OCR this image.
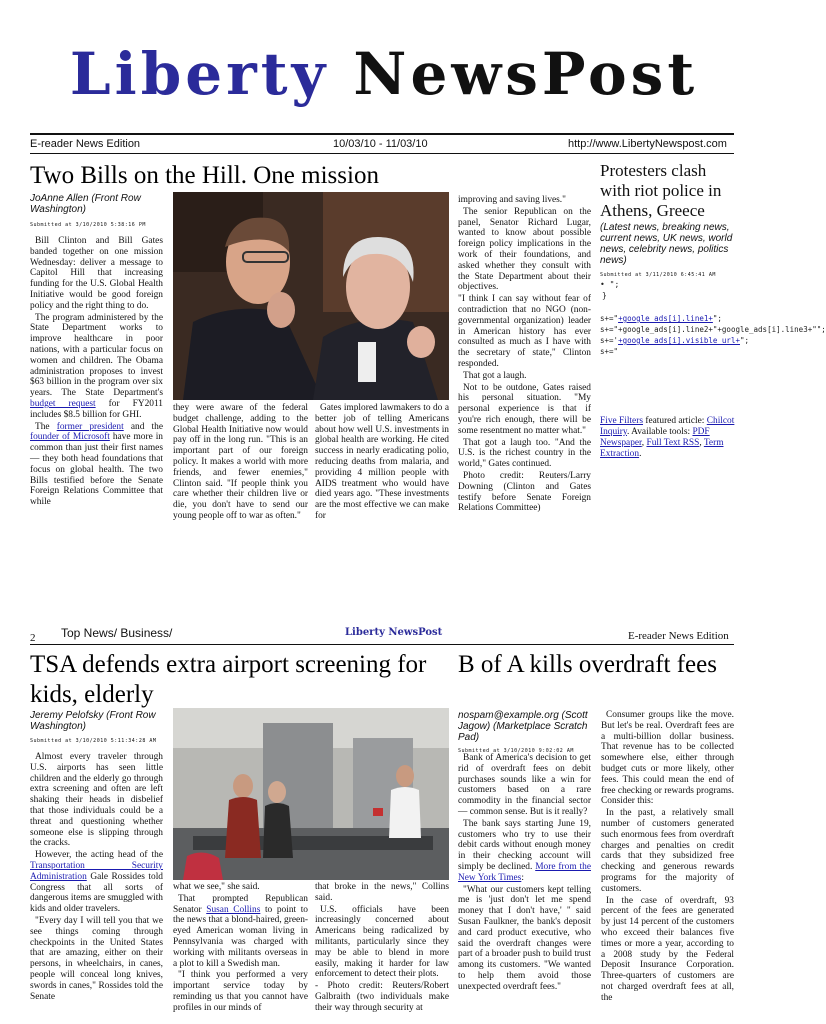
Liberty NewsPost
E-reader News Edition	10/03/10 - 11/03/10	http://www.LibertyNewspost.com
Two Bills on the Hill. One mission
JoAnne Allen (Front Row Washington)
Submitted at 3/10/2010 5:38:16 PM

Bill Clinton and Bill Gates banded together on one mission Wednesday: deliver a message to Capitol Hill that increasing funding for the U.S. Global Health Initiative would be good foreign policy and the right thing to do.

The program administered by the State Department works to improve healthcare in poor nations, with a particular focus on women and children. The Obama administration proposes to invest $63 billion in the program over six years. The State Department's budget request for FY2011 includes $8.5 billion for GHI.

The former president and the founder of Microsoft have more in common than just their first names — they both head foundations that focus on global health. The two Bills testified before the Senate Foreign Relations Committee that while

they were aware of the federal budget challenge, adding to the Global Health Initiative now would pay off in the long run. "This is an important part of our foreign policy. It makes a world with more friends, and fewer enemies," Clinton said. "If people think you care whether their children live or die, you don't have to send our young people off to war as often."

Gates implored lawmakers to do a better job of telling Americans about how well U.S. investments in global health are working. He cited success in nearly eradicating polio, reducing deaths from malaria, and providing 4 million people with AIDS treatment who would have died years ago. "These investments are the most effective we can make for

improving and saving lives."

The senior Republican on the panel, Senator Richard Lugar, wanted to know about possible foreign policy implications in the work of their foundations, and asked whether they consult with the State Department about their objectives.

"I think I can say without fear of contradiction that no NGO (non-governmental organization) leader in American history has ever consulted as much as I have with the secretary of state," Clinton responded.

That got a laugh.

Not to be outdone, Gates raised his personal situation. "My personal experience is that if you're rich enough, there will be some resentment no matter what."

That got a laugh too. "And the U.S. is the richest country in the world," Gates continued.

Photo credit: Reuters/Larry Downing (Clinton and Gates testify before Senate Foreign Relations Committee)

Protesters clash with riot police in Athens, Greece
(Latest news, breaking news, current news, UK news, world news, celebrity news, politics news)
Submitted at 3/11/2010 6:45:41 AM
• ";
}
s+="+google_ads[i].line1+";
s+="+google_ads[i].line2+"+google_ads[i].line3+"";
s+='+google_ads[i].visible_url+";
s+="
Five Filters featured article: Chilcot Inquiry. Available tools: PDF Newspaper, Full Text RSS, Term Extraction.
2 Top News/ Business/	Liberty NewsPost	E-reader News Edition
TSA defends extra airport screening for kids, elderly
Jeremy Pelofsky (Front Row Washington)
Submitted at 3/10/2010 5:11:34:28 AM

Almost every traveler through U.S. airports has seen little children and the elderly go through extra screening and often are left shaking their heads in disbelief that those individuals could be a threat and questioning whether someone else is slipping through the cracks.

However, the acting head of the Transportation Security Administration Gale Rossides told Congress that all sorts of dangerous items are smuggled with kids and older travelers.

"Every day I will tell you that we see things coming through checkpoints in the United States that are amazing, either on their persons, in wheelchairs, in canes, people will conceal long knives, swords in canes," Rossides told the Senate

what we see," she said.

That prompted Republican Senator Susan Collins to point to the news that a blond-haired, green-eyed American woman living in Pennsylvania was charged with working with militants overseas in a plot to kill a Swedish man.

"I think you performed a very important service today by reminding us that you cannot have profiles in our minds of

that broke in the news," Collins said.

U.S. officials have been increasingly concerned about Americans being radicalized by militants, particularly since they may be able to blend in more easily, making it harder for law enforcement to detect their plots.

- Photo credit: Reuters/Robert Galbraith (two individuals make their way through security at

B of A kills overdraft fees
nospam@example.org (Scott Jagow) (Marketplace Scratch Pad)
Submitted at 3/10/2010 9:02:02 AM

Bank of America's decision to get rid of overdraft fees on debit purchases sounds like a win for customers based on a rare commodity in the financial sector — common sense. But is it really?

The bank says starting June 19, customers who try to use their debit cards without enough money in their checking account will simply be declined. More from the New York Times:

"What our customers kept telling me is 'just don't let me spend money that I don't have,' " said Susan Faulkner, the bank's deposit and card product executive, who said the overdraft changes were part of a broader push to build trust among its customers. "We wanted to help them avoid those unexpected overdraft fees."

Consumer groups like the move. But let's be real. Overdraft fees are a multi-billion dollar business. That revenue has to be collected somewhere else, either through budget cuts or more likely, other fees. This could mean the end of free checking or rewards programs. Consider this:

In the past, a relatively small number of customers generated such enormous fees from overdraft charges and penalties on credit cards that they subsidized free checking and generous rewards programs for the majority of customers.

In the case of overdraft, 93 percent of the fees are generated by just 14 percent of the customers who exceed their balances five times or more a year, according to a 2008 study by the Federal Deposit Insurance Corporation. Three-quarters of customers are not charged overdraft fees at all, the
